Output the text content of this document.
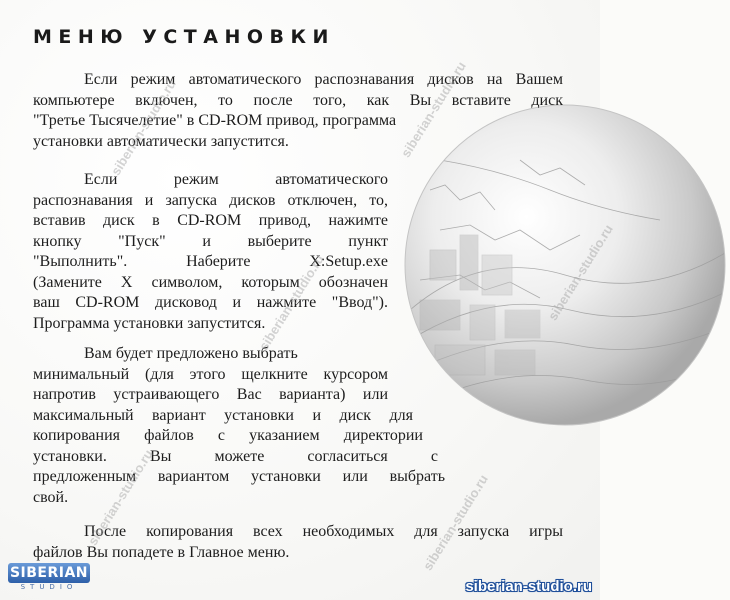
МЕНЮ УСТАНОВКИ

Если режим автоматического распознавания дисков на Вашем
компьютере включен, то после того, как Вы вставите диск
"Третье Тысячелетие" в CD-ROM привод, программа
установки автоматически запустится.

Если режим автоматического
распознавания и запуска дисков отключен, то,
вставив диск в CD-ROM привод, нажимте
кнопку "Пуск" и выберите пункт
"Выполнить". Наберите X:Setup.exe
(Замените X символом, которым обозначен
ваш CD-ROM дисковод и нажмите "Ввод").
Программа установки запустится.

Вам будет предложено выбрать
минимальный (для этого щелкните курсором
напротив устраивающего Вас варианта) или
максимальный вариант установки и диск для
копирования файлов с указанием директории
установки. Вы можете согласиться с
предложенным вариантом установки или выбрать
свой.

После копирования всех необходимых для запуска игры
файлов Вы попадете в Главное меню.

siberian-studio.ru
siberian-studio.ru
siberian-studio.ru
siberian-studio.ru	siberian-studio.ru
siberian-studio.ru
SIBERIAN
STUDIO	siberian-studio.ru
